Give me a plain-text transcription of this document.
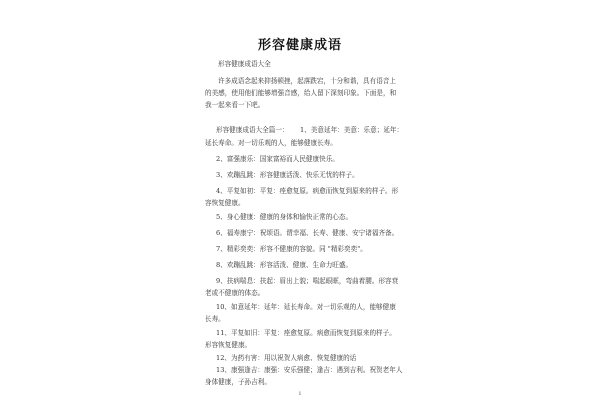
形容健康成语
形容健康成语大全
许多成语念起来抑扬顿挫，起落跌宕，十分和谐，具有语音上
的美感，使用他们能够增强音感，给人留下深刻印象。下面是，和
我一起来看一下吧。
形容健康成语大全篇一： 1、美意延年：美意：乐意；延年：
延长寿命。对一切乐观的人，能够健康长寿。
2、富强康乐：国家富裕而人民健康快乐。
3、欢蹦乱跳：形容健康活泼、快乐无忧的样子。
4、平复如初：平复：痊愈复原。病愈而恢复到原来的样子。形
容恢复健康。
5、身心健康：健康的身体和愉快正常的心态。
6、福寿康宁：祝颂语。谓幸福、长寿、健康、安宁诸福齐备。
7、精彩奕奕：形容不健康的容貌。同 "精彩奕奕"。
8、欢蹦乱跳：形容活泼、健康、生命力旺盛。
9、扶病喘息：扶起：眉出上貌；喘起眼眶，弯曲着腰。形容衰
老或不健康的体态。
10、如意延年：延年：延长寿命。对一切乐观的人，能够健康
长寿。
11、平复如旧：平复：痊愈复原。病愈而恢复到原来的样子。
形容恢复健康。
12、为药有害：用以祝贺人病愈、恢复健康的话
13、康强逢吉：康强：安乐强健；逢吉：遇到吉利。祝贺老年人
身体健康，子孙吉利。
1
